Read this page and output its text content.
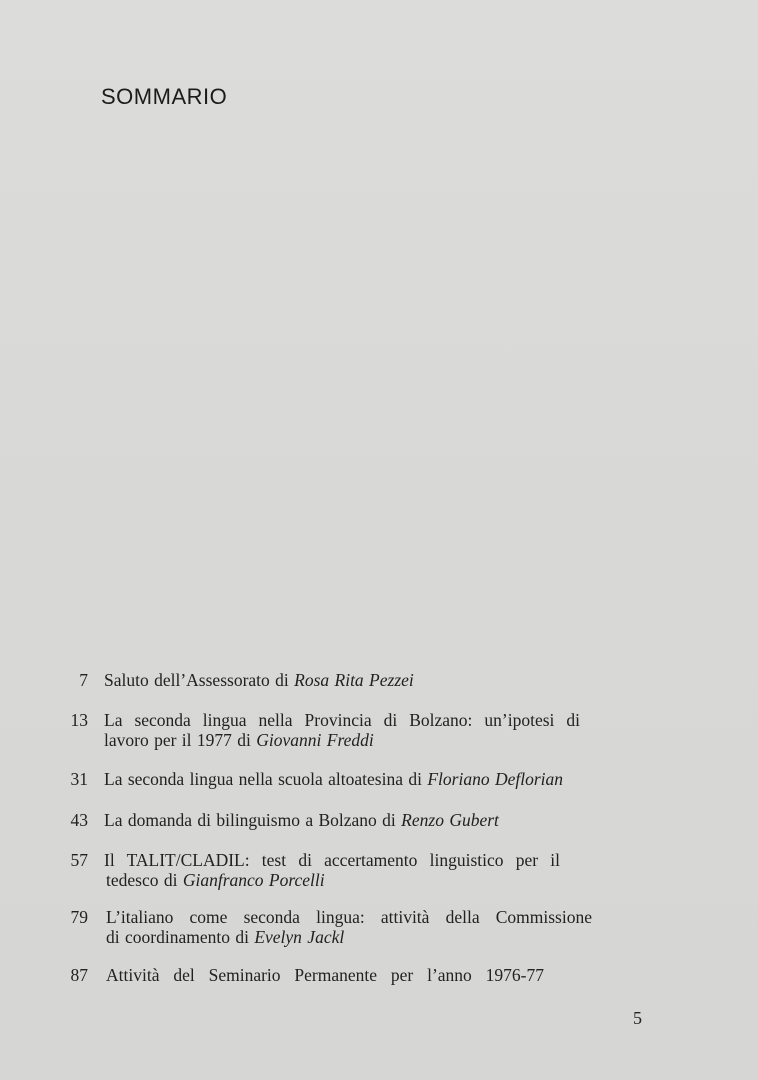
SOMMARIO
7 Saluto dell’Assessorato di Rosa Rita Pezzei
13 La seconda lingua nella Provincia di Bolzano: un’ipotesi di
lavoro per il 1977 di Giovanni Freddi
31 La seconda lingua nella scuola altoatesina di Floriano Deflorian
43 La domanda di bilinguismo a Bolzano di Renzo Gubert
57 Il TALIT/CLADIL: test di accertamento linguistico per il
tedesco di Gianfranco Porcelli
79 L’italiano come seconda lingua: attività della Commissione
di coordinamento di Evelyn Jackl
87 Attività del Seminario Permanente per l’anno 1976-77
5
